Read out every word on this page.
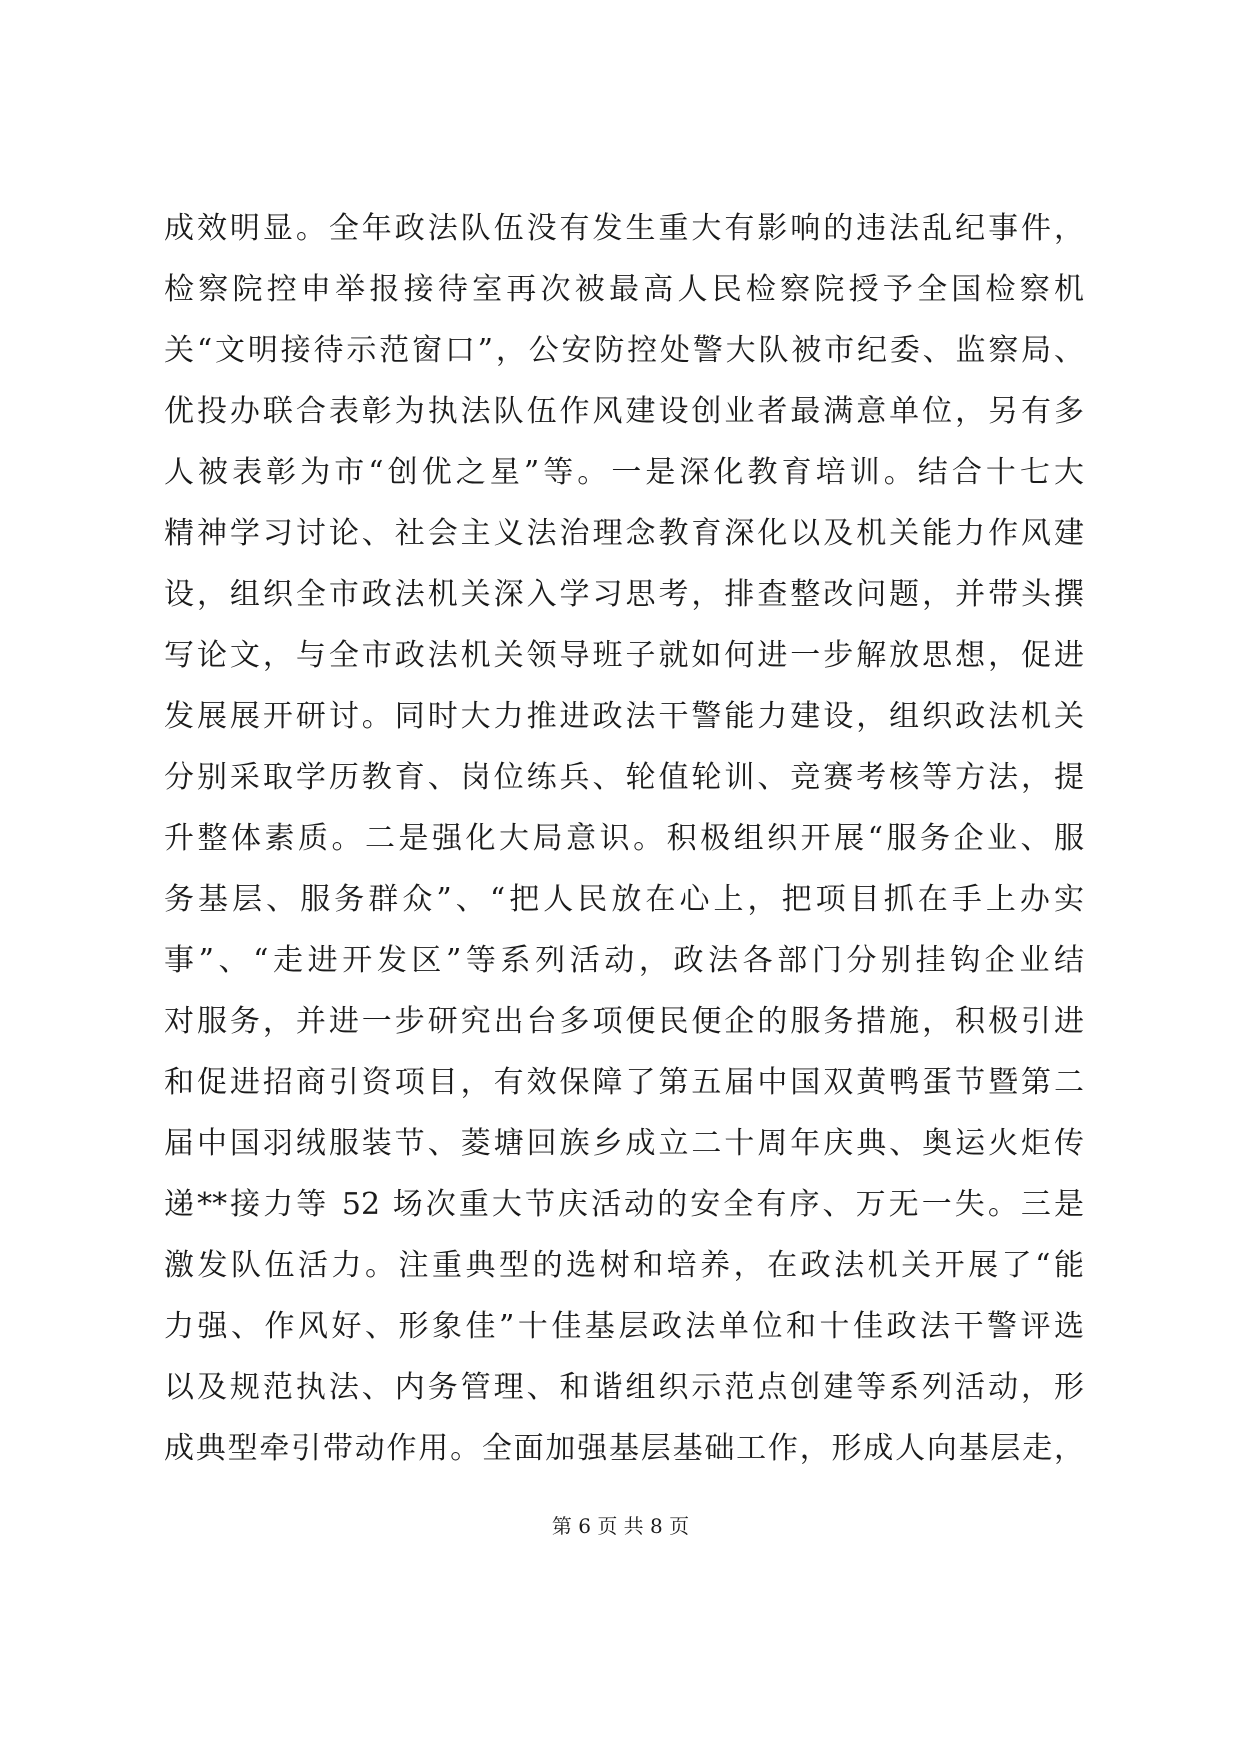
成效明显。全年政法队伍没有发生重大有影响的违法乱纪事件，
检察院控申举报接待室再次被最高人民检察院授予全国检察机
关“文明接待示范窗口”，公安防控处警大队被市纪委、监察局、
优投办联合表彰为执法队伍作风建设创业者最满意单位，另有多
人被表彰为市“创优之星”等。一是深化教育培训。结合十七大
精神学习讨论、社会主义法治理念教育深化以及机关能力作风建
设，组织全市政法机关深入学习思考，排查整改问题，并带头撰
写论文，与全市政法机关领导班子就如何进一步解放思想，促进
发展展开研讨。同时大力推进政法干警能力建设，组织政法机关
分别采取学历教育、岗位练兵、轮值轮训、竞赛考核等方法，提
升整体素质。二是强化大局意识。积极组织开展“服务企业、服
务基层、服务群众”、“把人民放在心上，把项目抓在手上办实
事”、“走进开发区”等系列活动，政法各部门分别挂钩企业结
对服务，并进一步研究出台多项便民便企的服务措施，积极引进
和促进招商引资项目，有效保障了第五届中国双黄鸭蛋节暨第二
届中国羽绒服装节、菱塘回族乡成立二十周年庆典、奥运火炬传
递**接力等 52 场次重大节庆活动的安全有序、万无一失。三是
激发队伍活力。注重典型的选树和培养，在政法机关开展了“能
力强、作风好、形象佳”十佳基层政法单位和十佳政法干警评选
以及规范执法、内务管理、和谐组织示范点创建等系列活动，形
成典型牵引带动作用。全面加强基层基础工作，形成人向基层走，
第 6 页 共 8 页
